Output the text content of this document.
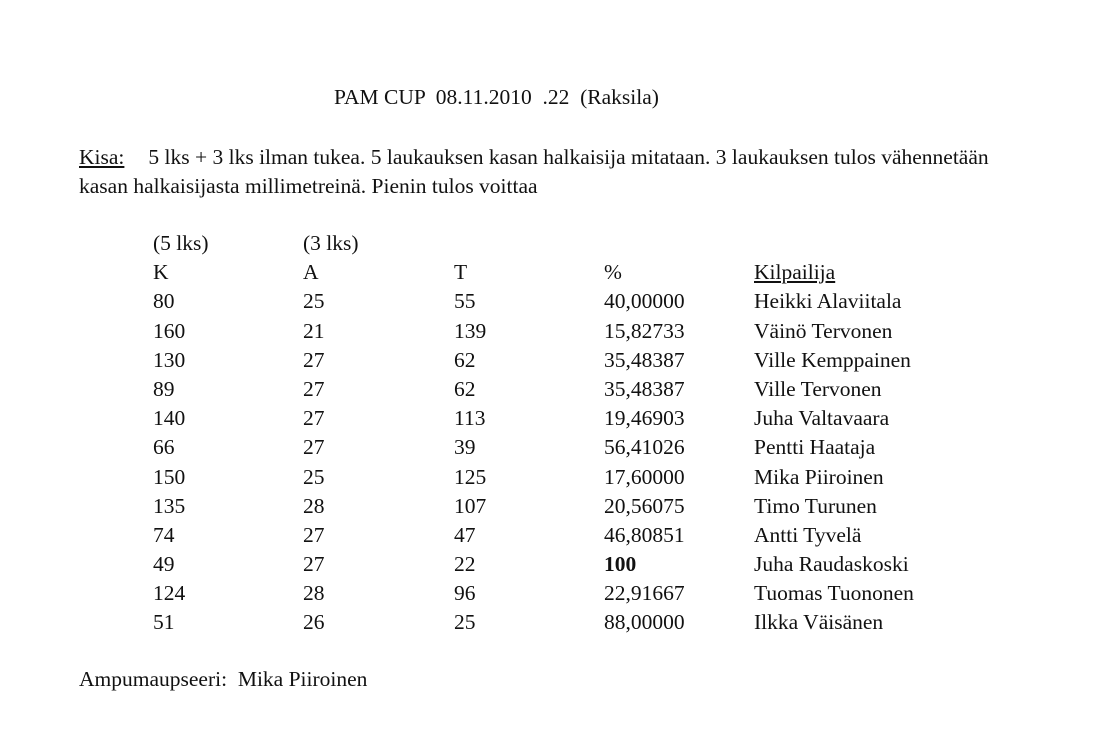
PAM CUP  08.11.2010  .22  (Raksila)
Kisa: 5 lks + 3 lks ilman tukea. 5 laukauksen kasan halkaisija mitataan. 3 laukauksen tulos vähennetään kasan halkaisijasta millimetreinä. Pienin tulos voittaa
(5 lks)	(3 lks)
K	A	T	%	Kilpailija
80	25	55	40,00000	Heikki Alaviitala
160	21	139	15,82733	Väinö Tervonen
130	27	62	35,48387	Ville Kemppainen
89	27	62	35,48387	Ville Tervonen
140	27	113	19,46903	Juha Valtavaara
66	27	39	56,41026	Pentti Haataja
150	25	125	17,60000	Mika Piiroinen
135	28	107	20,56075	Timo Turunen
74	27	47	46,80851	Antti Tyvelä
49	27	22	100	Juha Raudaskoski
124	28	96	22,91667	Tuomas Tuononen
51	26	25	88,00000	Ilkka Väisänen
Ampumaupseeri:  Mika Piiroinen
